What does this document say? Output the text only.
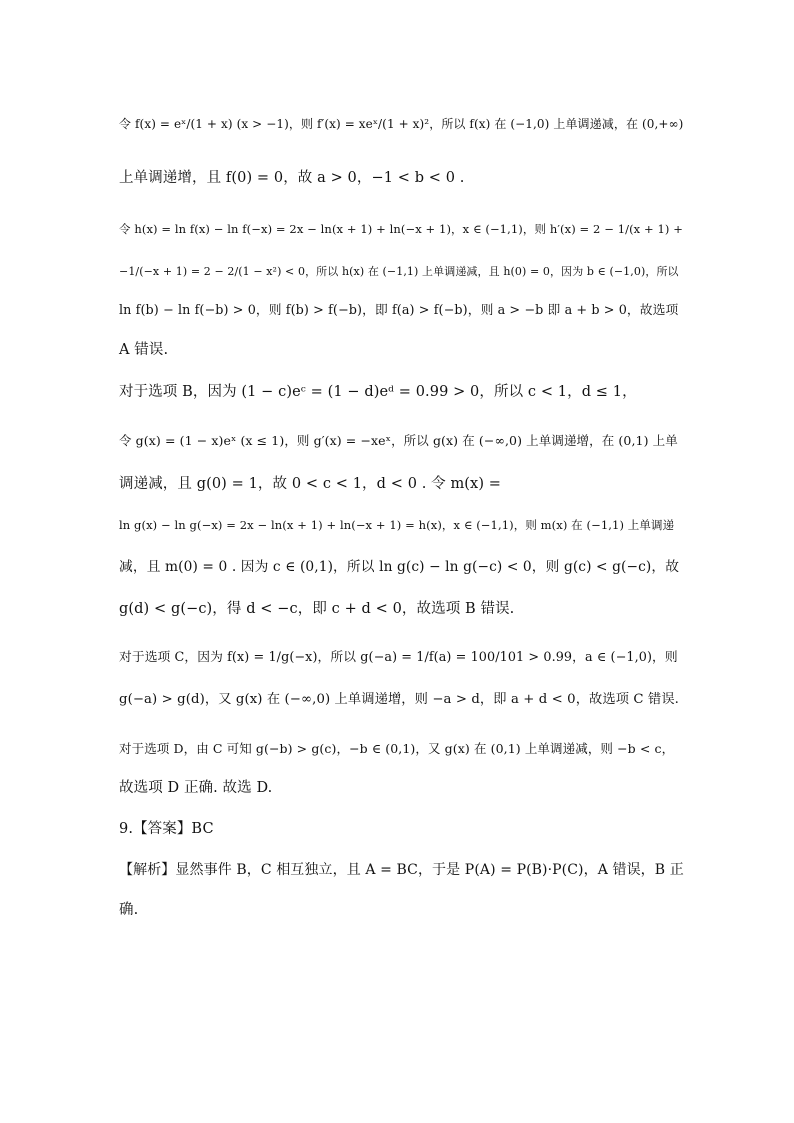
令 f(x) = eˣ/(1 + x) (x > −1)，则 f′(x) = xeˣ/(1 + x)²，所以 f(x) 在 (−1,0) 上单调递减，在 (0,+∞)
上单调递增，且 f(0) = 0，故 a > 0，−1 < b < 0 .
令 h(x) = ln f(x) − ln f(−x) = 2x − ln(x + 1) + ln(−x + 1)，x ∈ (−1,1)，则 h′(x) = 2 − 1/(x + 1) +
−1/(−x + 1) = 2 − 2/(1 − x²) < 0，所以 h(x) 在 (−1,1) 上单调递减，且 h(0) = 0，因为 b ∈ (−1,0)，所以
ln f(b) − ln f(−b) > 0，则 f(b) > f(−b)，即 f(a) > f(−b)，则 a > −b 即 a + b > 0，故选项
A 错误.
对于选项 B，因为 (1 − c)eᶜ = (1 − d)eᵈ = 0.99 > 0，所以 c < 1，d ≤ 1，
令 g(x) = (1 − x)eˣ (x ≤ 1)，则 g′(x) = −xeˣ，所以 g(x) 在 (−∞,0) 上单调递增，在 (0,1) 上单
调递减，且 g(0) = 1，故 0 < c < 1，d < 0 . 令 m(x) =
ln g(x) − ln g(−x) = 2x − ln(x + 1) + ln(−x + 1) = h(x)，x ∈ (−1,1)，则 m(x) 在 (−1,1) 上单调递
减，且 m(0) = 0 . 因为 c ∈ (0,1)，所以 ln g(c) − ln g(−c) < 0，则 g(c) < g(−c)，故
g(d) < g(−c)，得 d < −c，即 c + d < 0，故选项 B 错误.
对于选项 C，因为 f(x) = 1/g(−x)，所以 g(−a) = 1/f(a) = 100/101 > 0.99，a ∈ (−1,0)，则
g(−a) > g(d)，又 g(x) 在 (−∞,0) 上单调递增，则 −a > d，即 a + d < 0，故选项 C 错误.
对于选项 D，由 C 可知 g(−b) > g(c)，−b ∈ (0,1)，又 g(x) 在 (0,1) 上单调递减，则 −b < c，
故选项 D 正确. 故选 D.
9.【答案】BC
【解析】显然事件 B，C 相互独立，且 A = BC，于是 P(A) = P(B)·P(C)，A 错误，B 正
确.
